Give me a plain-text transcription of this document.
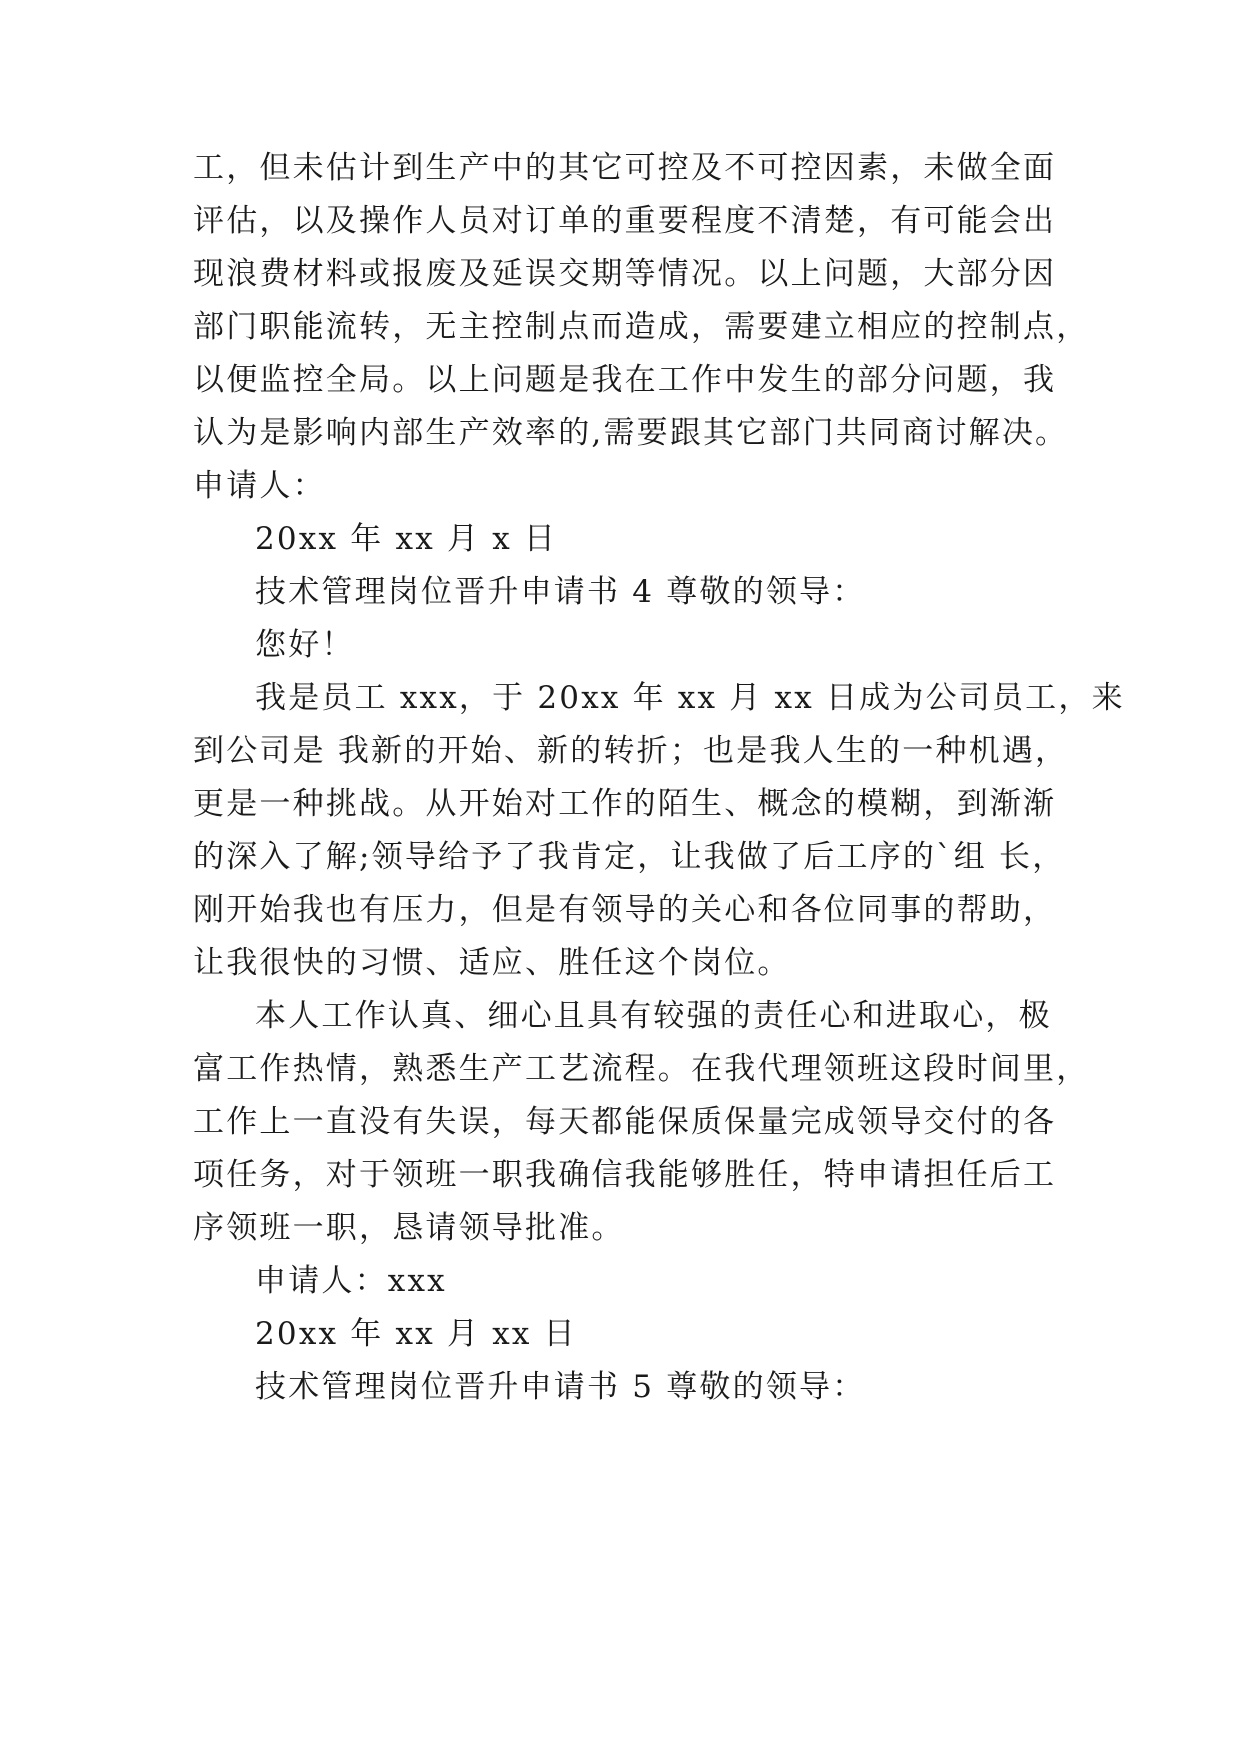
工，但未估计到生产中的其它可控及不可控因素，未做全面
评估，以及操作人员对订单的重要程度不清楚，有可能会出
现浪费材料或报废及延误交期等情况。以上问题，大部分因
部门职能流转，无主控制点而造成，需要建立相应的控制点，
以便监控全局。以上问题是我在工作中发生的部分问题，我
认为是影响内部生产效率的,需要跟其它部门共同商讨解决。
申请人：
20xx 年 xx 月 x 日
技术管理岗位晋升申请书 4 尊敬的领导：
您好！
我是员工 xxx，于 20xx 年 xx 月 xx 日成为公司员工，来
到公司是 我新的开始、新的转折；也是我人生的一种机遇，
更是一种挑战。从开始对工作的陌生、概念的模糊，到渐渐
的深入了解;领导给予了我肯定，让我做了后工序的`组 长，
刚开始我也有压力，但是有领导的关心和各位同事的帮助，
让我很快的习惯、适应、胜任这个岗位。
本人工作认真、细心且具有较强的责任心和进取心，极
富工作热情，熟悉生产工艺流程。在我代理领班这段时间里，
工作上一直没有失误，每天都能保质保量完成领导交付的各
项任务，对于领班一职我确信我能够胜任，特申请担任后工
序领班一职，恳请领导批准。
申请人：xxx
20xx 年 xx 月 xx 日
技术管理岗位晋升申请书 5 尊敬的领导：
